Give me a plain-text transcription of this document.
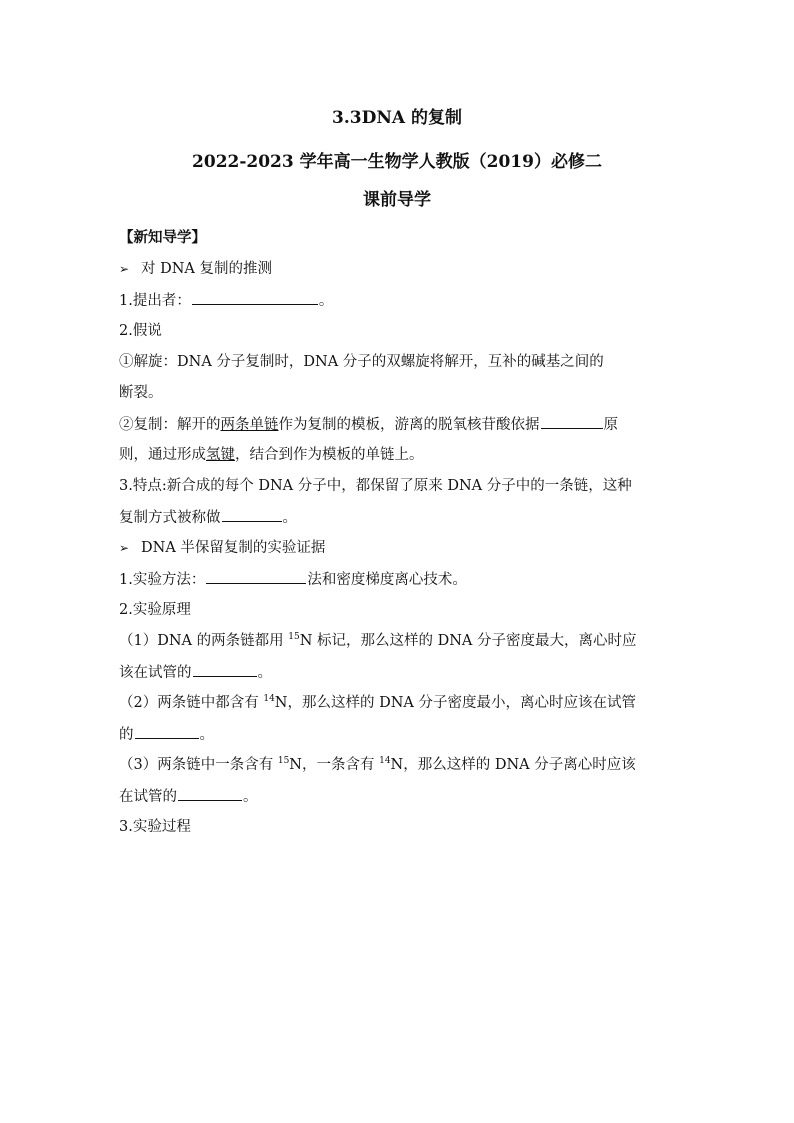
3.3DNA 的复制
2022-2023 学年高一生物学人教版（2019）必修二
课前导学
【新知导学】
➢ 对 DNA 复制的推测
1.提出者：	。
2.假说
①解旋：DNA 分子复制时，DNA 分子的双螺旋将解开，互补的碱基之间的
断裂。
②复制：解开的两条单链作为复制的模板，游离的脱氧核苷酸依据	原
则，通过形成氢键，结合到作为模板的单链上。
3.特点:新合成的每个 DNA 分子中，都保留了原来 DNA 分子中的一条链，这种
复制方式被称做	。
➢ DNA 半保留复制的实验证据
1.实验方法：	法和密度梯度离心技术。
2.实验原理
（1）DNA 的两条链都用 $^{15}$N 标记，那么这样的 DNA 分子密度最大，离心时应
该在试管的	。
（2）两条链中都含有 $^{14}$N，那么这样的 DNA 分子密度最小，离心时应该在试管
的	。
（3）两条链中一条含有 $^{15}$N，一条含有 $^{14}$N，那么这样的 DNA 分子离心时应该
在试管的	。
3.实验过程
